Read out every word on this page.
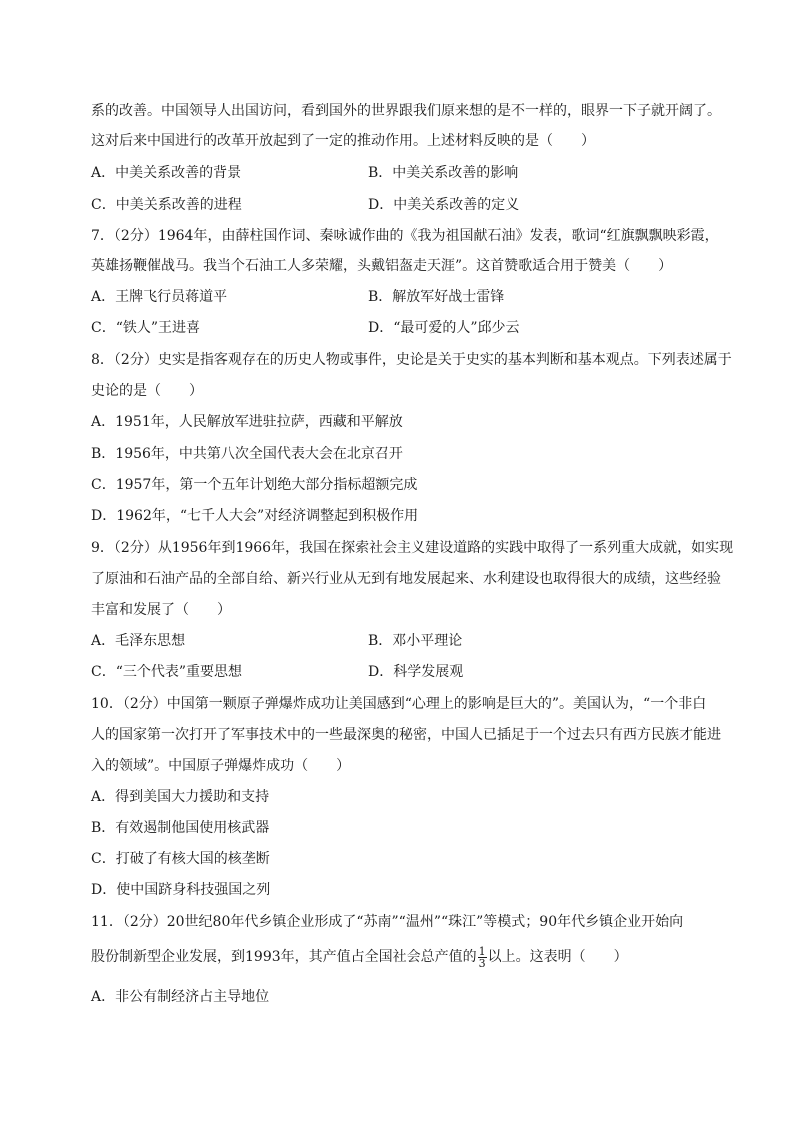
系的改善。中国领导人出国访问，看到国外的世界跟我们原来想的是不一样的，眼界一下子就开阔了。
这对后来中国进行的改革开放起到了一定的推动作用。上述材料反映的是（　　）
A．中美关系改善的背景	B．中美关系改善的影响
C．中美关系改善的进程	D．中美关系改善的定义
7．（2分）1964年，由薛柱国作词、秦咏诚作曲的《我为祖国献石油》发表，歌词“红旗飘飘映彩霞，
英雄扬鞭催战马。我当个石油工人多荣耀，头戴铝盔走天涯”。这首赞歌适合用于赞美（　　）
A．王牌飞行员蒋道平	B．解放军好战士雷锋
C．“铁人”王进喜	D．“最可爱的人”邱少云
8．（2分）史实是指客观存在的历史人物或事件，史论是关于史实的基本判断和基本观点。下列表述属于
史论的是（　　）
A．1951年，人民解放军进驻拉萨，西藏和平解放
B．1956年，中共第八次全国代表大会在北京召开
C．1957年，第一个五年计划绝大部分指标超额完成
D．1962年，“七千人大会”对经济调整起到积极作用
9．（2分）从1956年到1966年，我国在探索社会主义建设道路的实践中取得了一系列重大成就，如实现
了原油和石油产品的全部自给、新兴行业从无到有地发展起来、水利建设也取得很大的成绩，这些经验
丰富和发展了（　　）
A．毛泽东思想	B．邓小平理论
C．“三个代表”重要思想	D．科学发展观
10．（2分）中国第一颗原子弹爆炸成功让美国感到“心理上的影响是巨大的”。美国认为，“一个非白
人的国家第一次打开了军事技术中的一些最深奥的秘密，中国人已插足于一个过去只有西方民族才能进
入的领域”。中国原子弹爆炸成功（　　）
A．得到美国大力援助和支持
B．有效遏制他国使用核武器
C．打破了有核大国的核垄断
D．使中国跻身科技强国之列
11．（2分）20世纪80年代乡镇企业形成了“苏南”“温州”“珠江”等模式；90年代乡镇企业开始向
股份制新型企业发展，到1993年，其产值占全国社会总产值的 $\frac{1}{3}$ 以上。这表明（　　）
A．非公有制经济占主导地位
